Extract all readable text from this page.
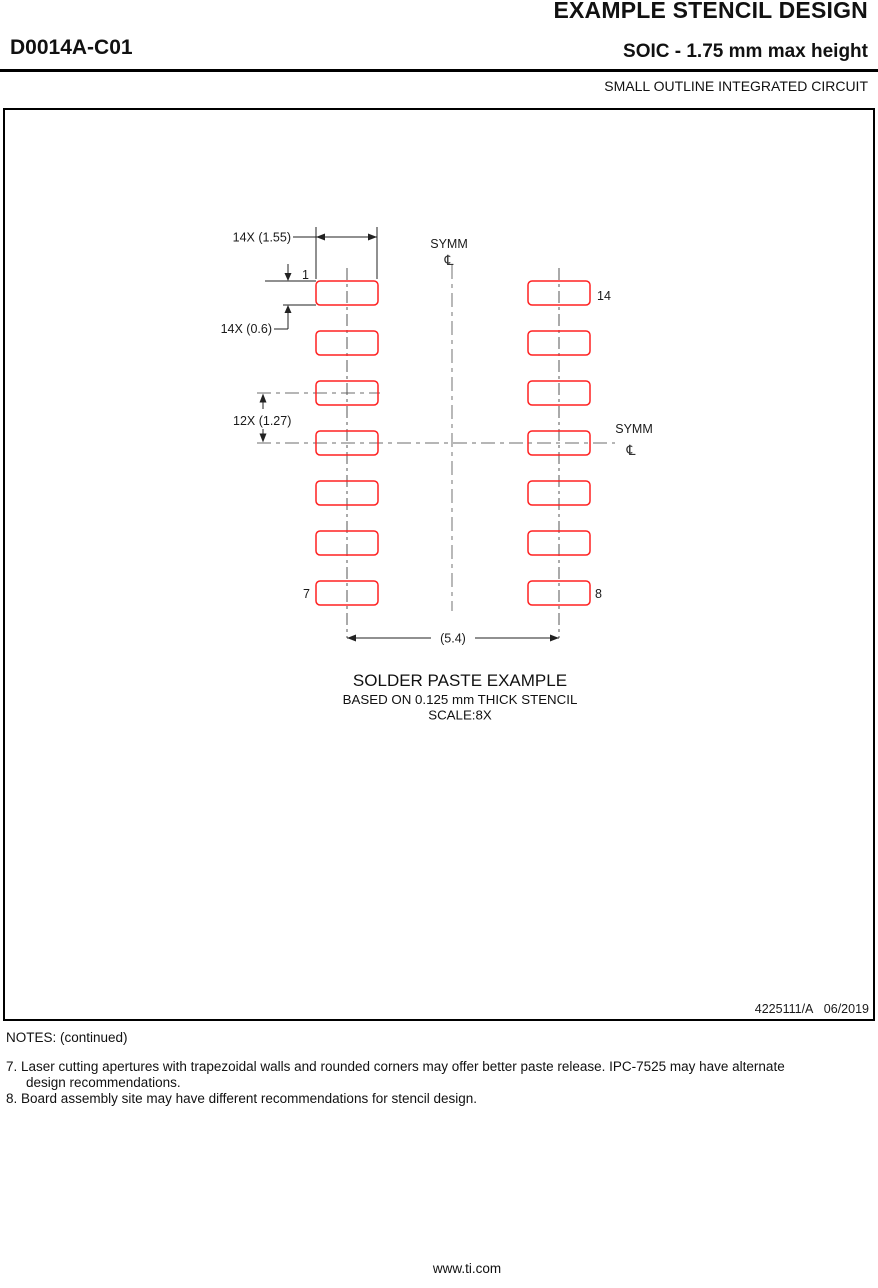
EXAMPLE STENCIL DESIGN
D0014A-C01	SOIC - 1.75 mm max height
SMALL OUTLINE INTEGRATED CIRCUIT
14X (1.55)
14X (0.6)
12X (1.27)
(5.4)
1
14
7	8
SYMM
℄
SYMM
℄
SOLDER PASTE EXAMPLE
BASED ON 0.125 mm THICK STENCIL
SCALE:8X
4225111/A   06/2019
NOTES: (continued)
7. Laser cutting apertures with trapezoidal walls and rounded corners may offer better paste release. IPC-7525 may have alternate
design recommendations.
8. Board assembly site may have different recommendations for stencil design.
www.ti.com
